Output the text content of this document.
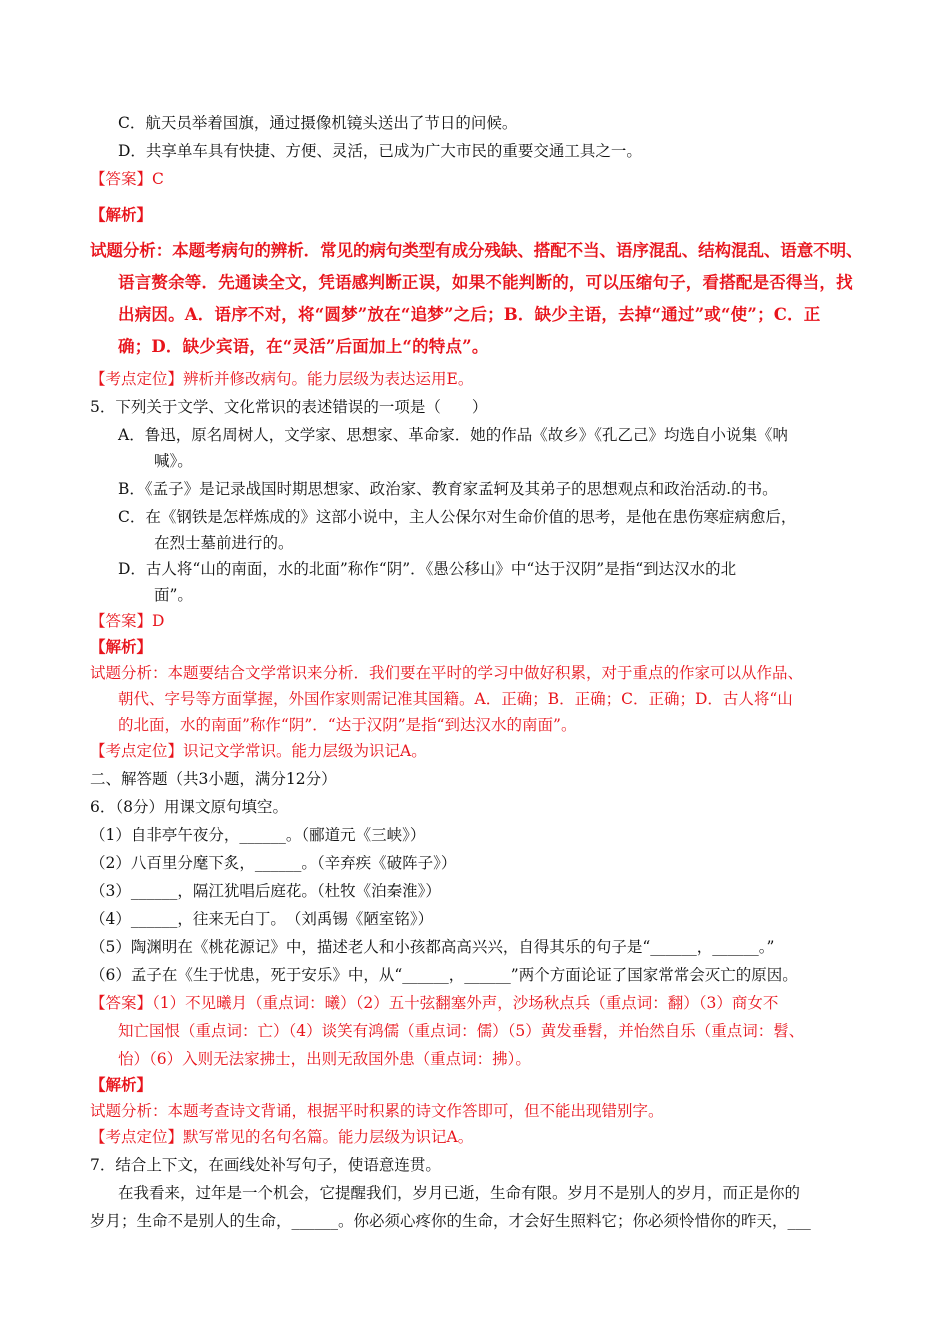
C．航天员举着国旗，通过摄像机镜头送出了节日的问候。
D．共享单车具有快捷、方便、灵活，已成为广大市民的重要交通工具之一。
【答案】C
【解析】
试题分析：本题考病句的辨析．常见的病句类型有成分残缺、搭配不当、语序混乱、结构混乱、语意不明、
语言赘余等．先通读全文，凭语感判断正误，如果不能判断的，可以压缩句子，看搭配是否得当，找
出病因。A．语序不对，将“圆梦”放在“追梦”之后；B．缺少主语，去掉“通过”或“使”；C．正
确；D．缺少宾语，在“灵活”后面加上“的特点”。
【考点定位】辨析并修改病句。能力层级为表达运用E。
5．下列关于文学、文化常识的表述错误的一项是（　　）
A．鲁迅，原名周树人，文学家、思想家、革命家．她的作品《故乡》《孔乙己》均选自小说集《呐
喊》。
B．《孟子》是记录战国时期思想家、政治家、教育家孟轲及其弟子的思想观点和政治活动.的书。
C．在《钢铁是怎样炼成的》这部小说中，主人公保尔对生命价值的思考，是他在患伤寒症病愈后，
在烈士墓前进行的。
D．古人将“山的南面，水的北面”称作“阴”．《愚公移山》中“达于汉阴”是指“到达汉水的北
面”。
【答案】D
【解析】
试题分析：本题要结合文学常识来分析．我们要在平时的学习中做好积累，对于重点的作家可以从作品、
朝代、字号等方面掌握，外国作家则需记准其国籍。A．正确；B．正确；C．正确；D．古人将“山
的北面，水的南面”称作“阴”．“达于汉阴”是指“到达汉水的南面”。
【考点定位】识记文学常识。能力层级为识记A。
二、解答题（共3小题，满分12分）
6．（8分）用课文原句填空。
（1）自非亭午夜分，______。（郦道元《三峡》）
（2）八百里分麾下炙，______。（辛弃疾《破阵子》）
（3）______，隔江犹唱后庭花。（杜牧《泊秦淮》）
（4）______，往来无白丁。　（刘禹锡《陋室铭》）
（5）陶渊明在《桃花源记》中，描述老人和小孩都高高兴兴，自得其乐的句子是“______，______。”
（6）孟子在《生于忧患，死于安乐》中，从“______，______”两个方面论证了国家常常会灭亡的原因。
【答案】（1）不见曦月（重点词：曦）（2）五十弦翻塞外声，沙场秋点兵（重点词：翻）（3）商女不
知亡国恨（重点词：亡）（4）谈笑有鸿儒（重点词：儒）（5）黄发垂髫，并怡然自乐（重点词：髫、
怡）（6）入则无法家拂士，出则无敌国外患（重点词：拂）。
【解析】
试题分析：本题考查诗文背诵，根据平时积累的诗文作答即可，但不能出现错别字。
【考点定位】默写常见的名句名篇。能力层级为识记A。
7．结合上下文，在画线处补写句子，使语意连贯。
在我看来，过年是一个机会，它提醒我们，岁月已逝，生命有限。岁月不是别人的岁月，而正是你的
岁月；生命不是别人的生命，______。你必须心疼你的生命，才会好生照料它；你必须怜惜你的昨天，___
